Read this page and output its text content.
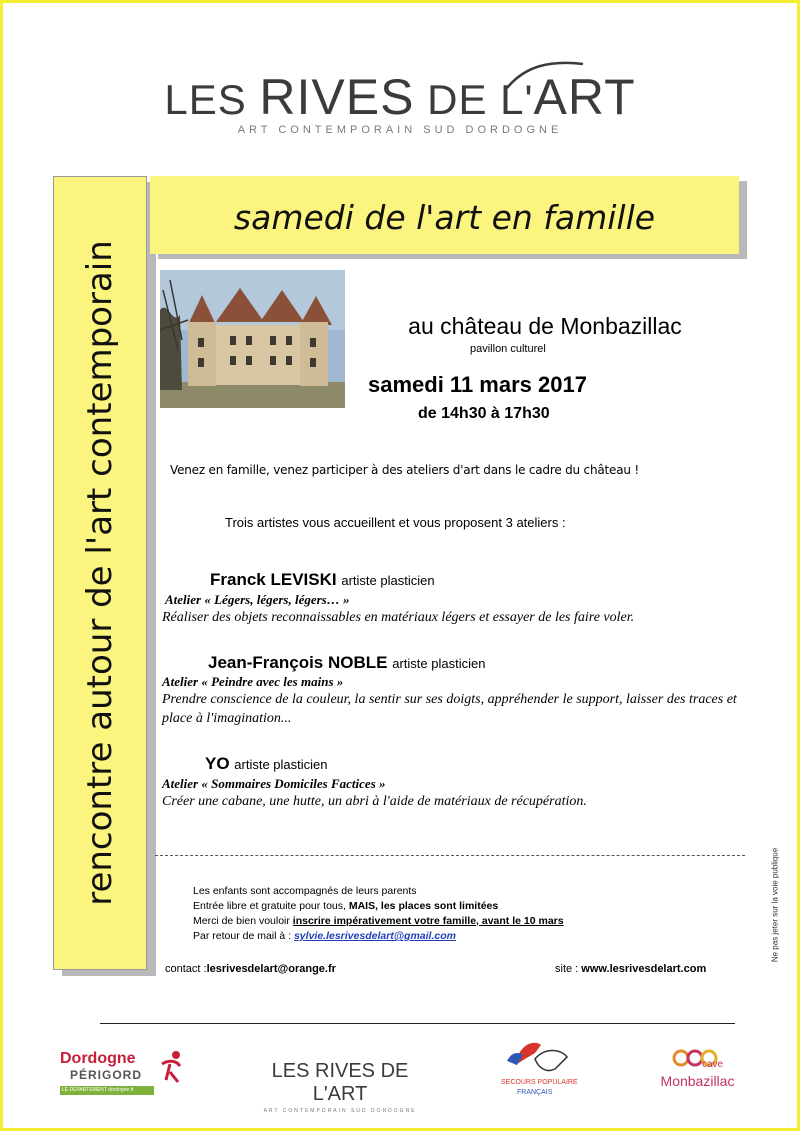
LES RIVES DE L'ART
ART CONTEMPORAIN SUD DORDOGNE
rencontre autour de l'art contemporain
samedi de l'art en famille
au château de Monbazillac
pavillon culturel
samedi 11 mars 2017
de 14h30 à 17h30
Venez en famille, venez participer à des ateliers d'art dans le cadre du château !
Trois artistes vous accueillent et vous proposent 3 ateliers :
Franck LEVISKI artiste plasticien
Atelier « Légers, légers, légers… »
Réaliser des objets reconnaissables en matériaux légers et essayer de les faire voler.
Jean-François NOBLE artiste plasticien
Atelier « Peindre avec les mains »
Prendre conscience de la couleur, la sentir sur ses doigts, appréhender le support, laisser des traces et place à l'imagination...
YO artiste plasticien
Atelier « Sommaires Domiciles Factices »
Créer une cabane, une hutte, un abri à l'aide de matériaux de récupération.
Les enfants sont accompagnés de leurs parents
Entrée libre et gratuite pour tous, MAIS, les places sont limitées
Merci de bien vouloir inscrire impérativement votre famille, avant le 10 mars
Par retour de mail à : sylvie.lesrivesdelart@gmail.com
contact :lesrivesdelart@orange.fr	site : www.lesrivesdelart.com
Ne pas jeter sur la voie publique
Dordogne
PÉRIGORD
LE DÉPARTEMENT dordogne.fr
LES RIVES DE L'ART
ART CONTEMPORAIN SUD DORDOGNE
SECOURS POPULAIRE
FRANÇAIS
cave
Monbazillac
